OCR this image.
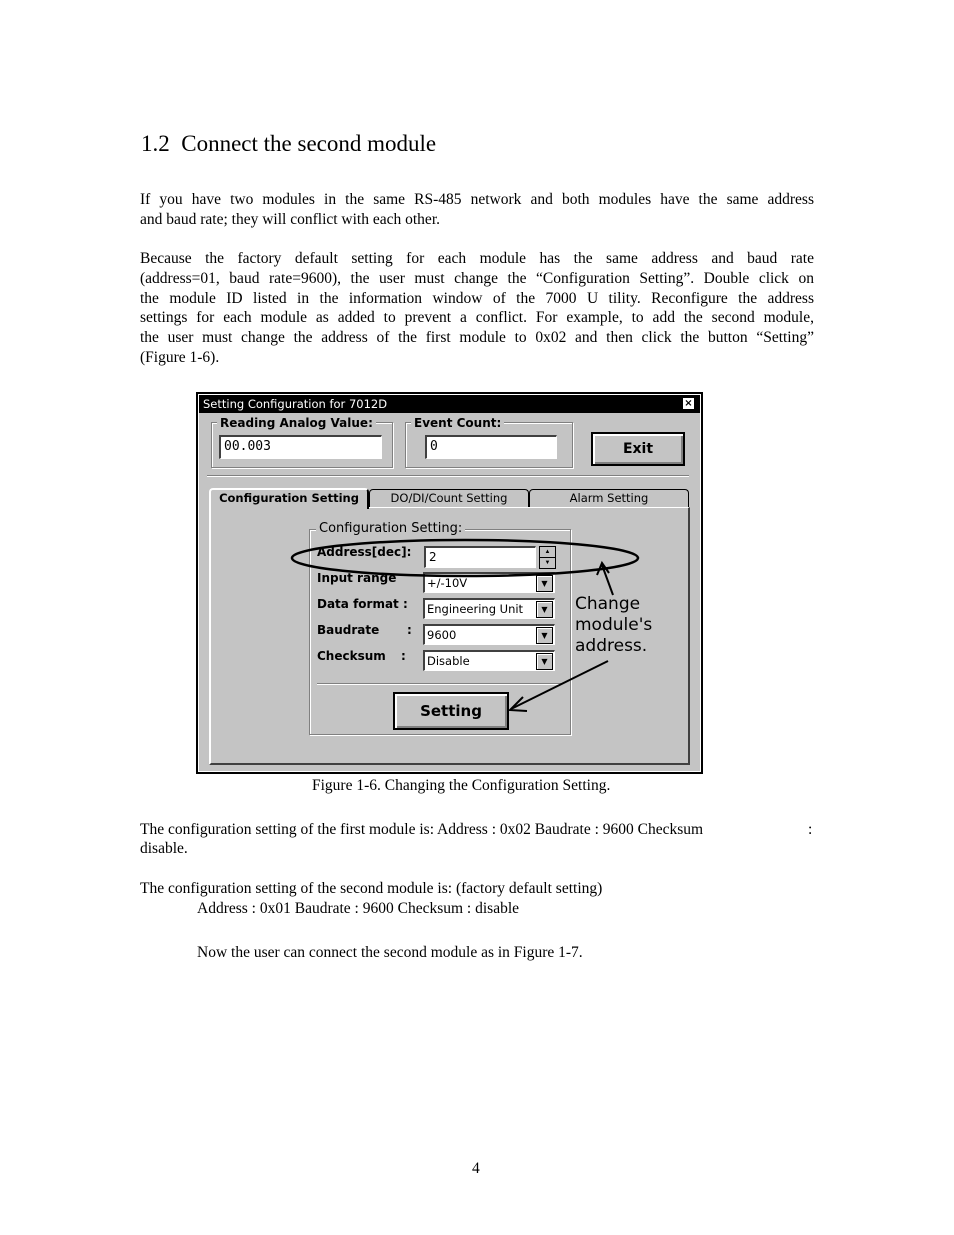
1.2 Connect the second module
If you have two modules in the same RS-485 network and both modules have the same address
and baud rate; they will conflict with each other.
Because the factory default setting for each module has the same address and baud rate
(address=01, baud rate=9600), the user must change the “Configuration Setting”. Double click on
the module ID listed in the information window of the 7000 U tility. Reconfigure the address
settings for each module as added to prevent a conflict. For example, to add the second module,
the user must change the address of the first module to 0x02 and then click the button “Setting”
(Figure 1-6).
Setting Configuration for 7012D	×
Reading Analog Value:
00.003
Event Count:
0	Exit
Configuration Setting	DO/DI/Count Setting	Alarm Setting
Configuration Setting:
Address[dec]:	2	▲
▼
Input range	+/-10V	▼
Data format :	Engineering Unit	▼
Baudrate :	9600	▼
Checksum :	Disable	▼
Setting
Change
module's
address.
Figure 1-6. Changing the Configuration Setting.
The configuration setting of the first module is: Address : 0x02 Baudrate : 9600 Checksum	:
disable.
The configuration setting of the second module is: (factory default setting)
Address : 0x01 Baudrate : 9600 Checksum : disable
Now the user can connect the second module as in Figure 1-7.
4
